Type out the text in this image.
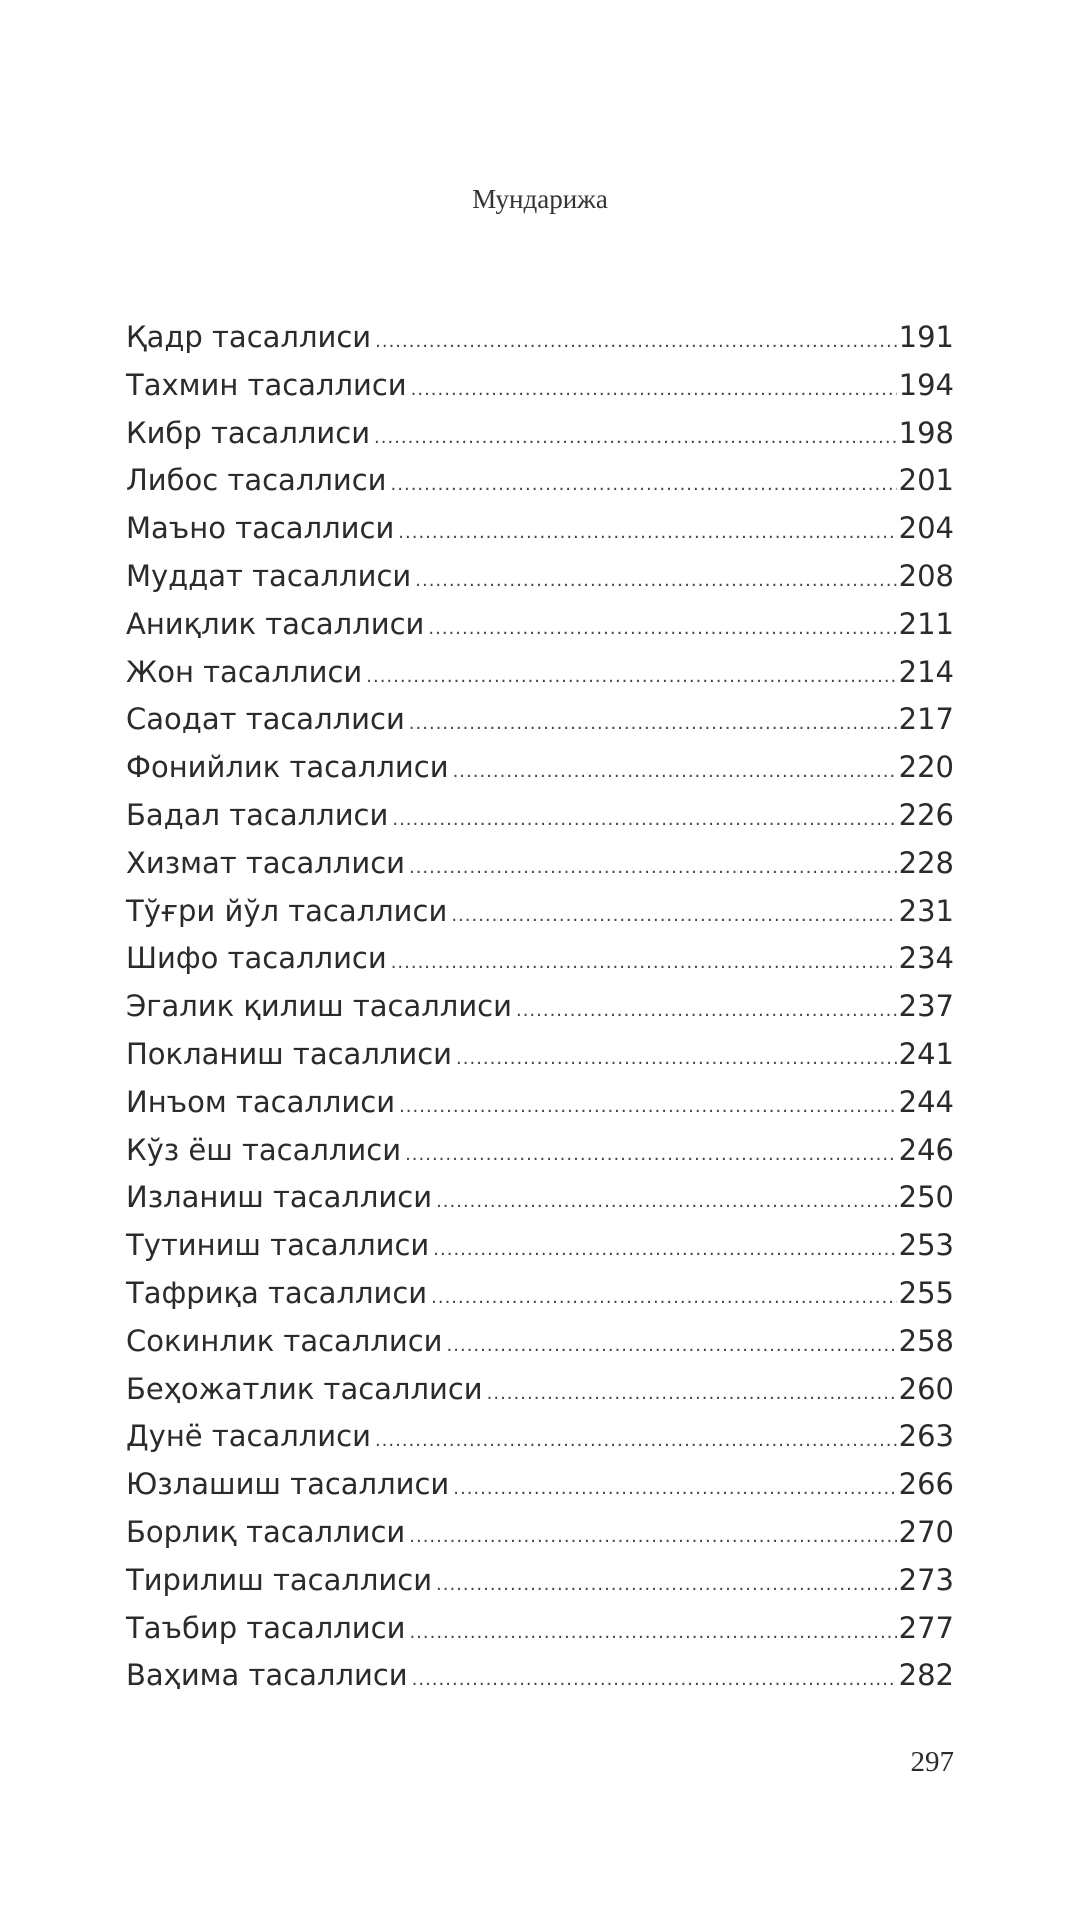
Мундарижа
Қадр тасаллиси .....	191
Тахмин тасаллиси .....	194
Кибр тасаллиси .....	198
Либос тасаллиси .....	201
Маъно тасаллиси .....	204
Муддат тасаллиси .....	208
Аниқлик тасаллиси .....	211
Жон тасаллиси .....	214
Саодат тасаллиси .....	217
Фонийлик тасаллиси .....	220
Бадал тасаллиси .....	226
Хизмат тасаллиси .....	228
Тўғри йўл тасаллиси .....	231
Шифо тасаллиси .....	234
Эгалик қилиш тасаллиси .....	237
Покланиш тасаллиси .....	241
Инъом тасаллиси .....	244
Кўз ёш тасаллиси .....	246
Изланиш тасаллиси .....	250
Тутиниш тасаллиси .....	253
Тафриқа тасаллиси .....	255
Сокинлик тасаллиси .....	258
Беҳожатлик тасаллиси .....	260
Дунё тасаллиси .....	263
Юзлашиш тасаллиси .....	266
Борлиқ тасаллиси .....	270
Тирилиш тасаллиси .....	273
Таъбир тасаллиси .....	277
Ваҳима тасаллиси .....	282
297
